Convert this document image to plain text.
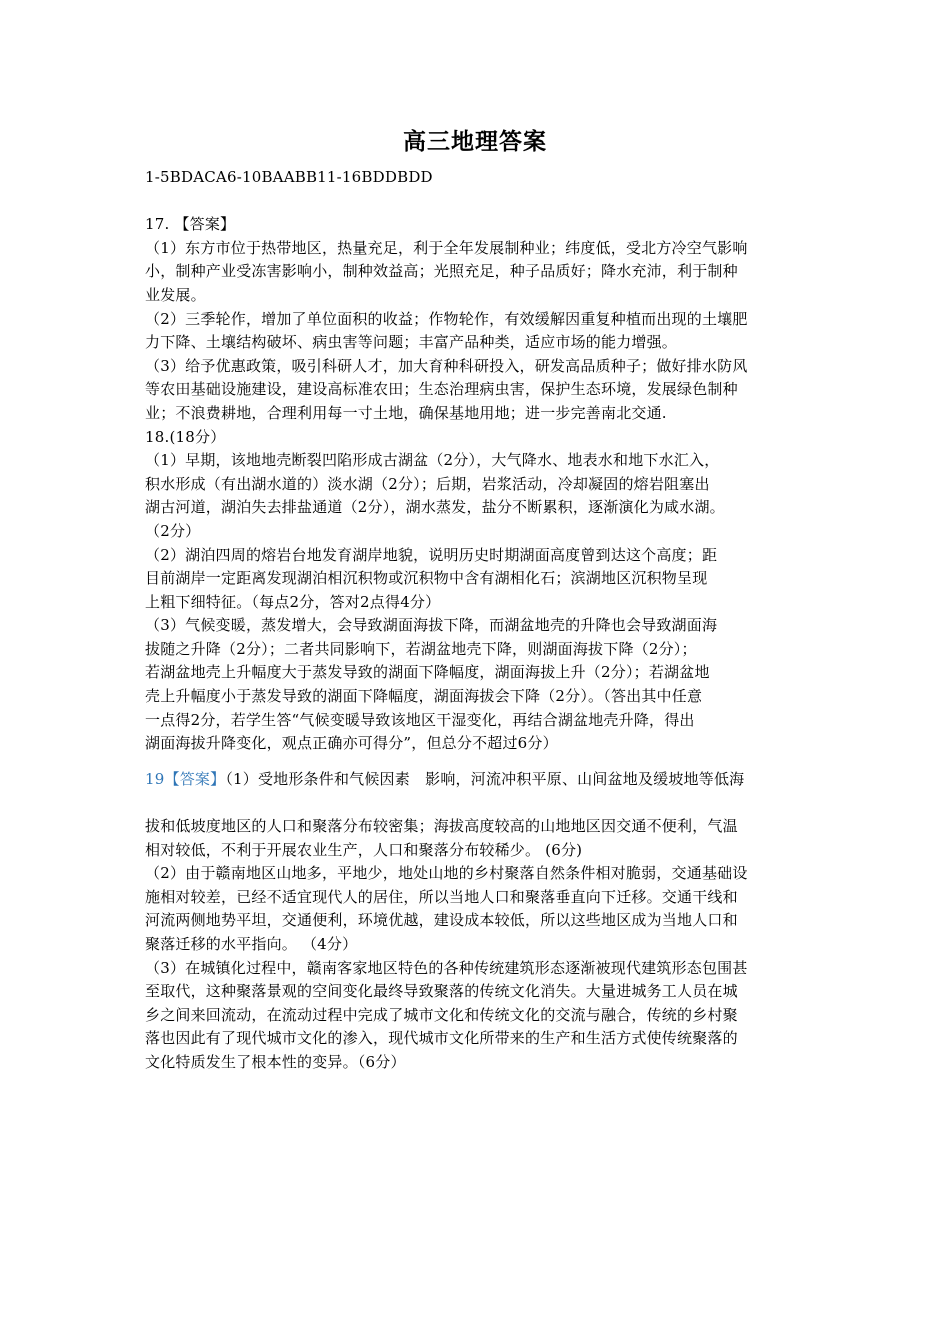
高三地理答案
1-5BDACA6-10BAABB11-16BDDBDD
17. 【答案】
（1）东方市位于热带地区，热量充足，利于全年发展制种业；纬度低，受北方冷空气影响
小，制种产业受冻害影响小，制种效益高；光照充足，种子品质好；降水充沛，利于制种
业发展。
（2）三季轮作，增加了单位面积的收益；作物轮作，有效缓解因重复种植而出现的土壤肥
力下降、土壤结构破坏、病虫害等问题；丰富产品种类，适应市场的能力增强。
（3）给予优惠政策，吸引科研人才，加大育种科研投入，研发高品质种子；做好排水防风
等农田基础设施建设，建设高标准农田；生态治理病虫害，保护生态环境，发展绿色制种
业；不浪费耕地，合理利用每一寸土地，确保基地用地；进一步完善南北交通.
18.(18分）
（1）早期，该地地壳断裂凹陷形成古湖盆（2分），大气降水、地表水和地下水汇入，
积水形成（有出湖水道的）淡水湖（2分）；后期，岩浆活动，冷却凝固的熔岩阻塞出
湖古河道，湖泊失去排盐通道（2分），湖水蒸发，盐分不断累积，逐渐演化为咸水湖。
（2分）
（2）湖泊四周的熔岩台地发育湖岸地貌，说明历史时期湖面高度曾到达这个高度；距
目前湖岸一定距离发现湖泊相沉积物或沉积物中含有湖相化石；滨湖地区沉积物呈现
上粗下细特征。（每点2分，答对2点得4分）
（3）气候变暖，蒸发增大，会导致湖面海拔下降，而湖盆地壳的升降也会导致湖面海
拔随之升降（2分）；二者共同影响下，若湖盆地壳下降，则湖面海拔下降（2分）；
若湖盆地壳上升幅度大于蒸发导致的湖面下降幅度，湖面海拔上升（2分）；若湖盆地
壳上升幅度小于蒸发导致的湖面下降幅度，湖面海拔会下降（2分）。（答出其中任意
一点得2分，若学生答“气候变暖导致该地区干湿变化，再结合湖盆地壳升降，得出
湖面海拔升降变化，观点正确亦可得分”，但总分不超过6分）
19【答案】（1）受地形条件和气候因素　影响，河流冲积平原、山间盆地及缓坡地等低海
拔和低坡度地区的人口和聚落分布较密集；海拔高度较高的山地地区因交通不便利，气温
相对较低，不利于开展农业生产，人口和聚落分布较稀少。 (6分)
（2）由于赣南地区山地多，平地少，地处山地的乡村聚落自然条件相对脆弱，交通基础设
施相对较差，已经不适宜现代人的居住，所以当地人口和聚落垂直向下迁移。交通干线和
河流两侧地势平坦，交通便利，环境优越，建设成本较低，所以这些地区成为当地人口和
聚落迁移的水平指向。 （4分）
（3）在城镇化过程中，赣南客家地区特色的各种传统建筑形态逐渐被现代建筑形态包围甚
至取代，这种聚落景观的空间变化最终导致聚落的传统文化消失。大量进城务工人员在城
乡之间来回流动，在流动过程中完成了城市文化和传统文化的交流与融合，传统的乡村聚
落也因此有了现代城市文化的渗入，现代城市文化所带来的生产和生活方式使传统聚落的
文化特质发生了根本性的变异。（6分）
